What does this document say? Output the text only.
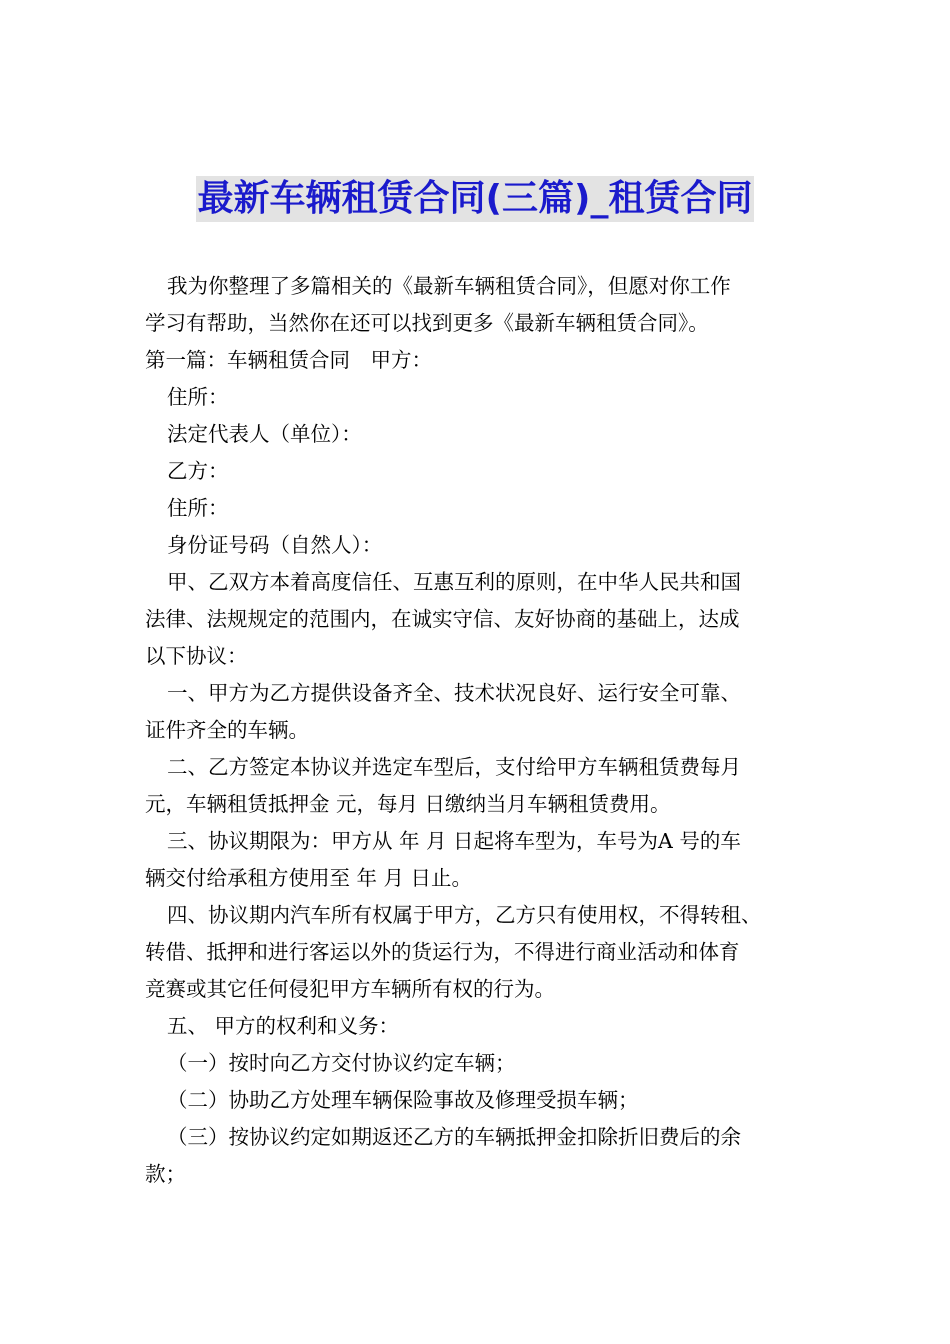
最新车辆租赁合同(三篇)_租赁合同

我为你整理了多篇相关的《最新车辆租赁合同》，但愿对你工作

学习有帮助，当然你在还可以找到更多《最新车辆租赁合同》。

第一篇：车辆租赁合同　甲方：

住所：

法定代表人（单位）：

乙方：

住所：

身份证号码（自然人）：

甲、乙双方本着高度信任、互惠互利的原则，在中华人民共和国

法律、法规规定的范围内，在诚实守信、友好协商的基础上，达成

以下协议：

一、甲方为乙方提供设备齐全、技术状况良好、运行安全可靠、

证件齐全的车辆。

二、乙方签定本协议并选定车型后，支付给甲方车辆租赁费每月

元，车辆租赁抵押金 元，每月 日缴纳当月车辆租赁费用。

三、协议期限为：甲方从 年 月 日起将车型为，车号为A 号的车

辆交付给承租方使用至 年 月 日止。

四、协议期内汽车所有权属于甲方，乙方只有使用权，不得转租、

转借、抵押和进行客运以外的货运行为，不得进行商业活动和体育

竞赛或其它任何侵犯甲方车辆所有权的行为。

五、 甲方的权利和义务：

（一）按时向乙方交付协议约定车辆；

（二）协助乙方处理车辆保险事故及修理受损车辆；

（三）按协议约定如期返还乙方的车辆抵押金扣除折旧费后的余

款；
